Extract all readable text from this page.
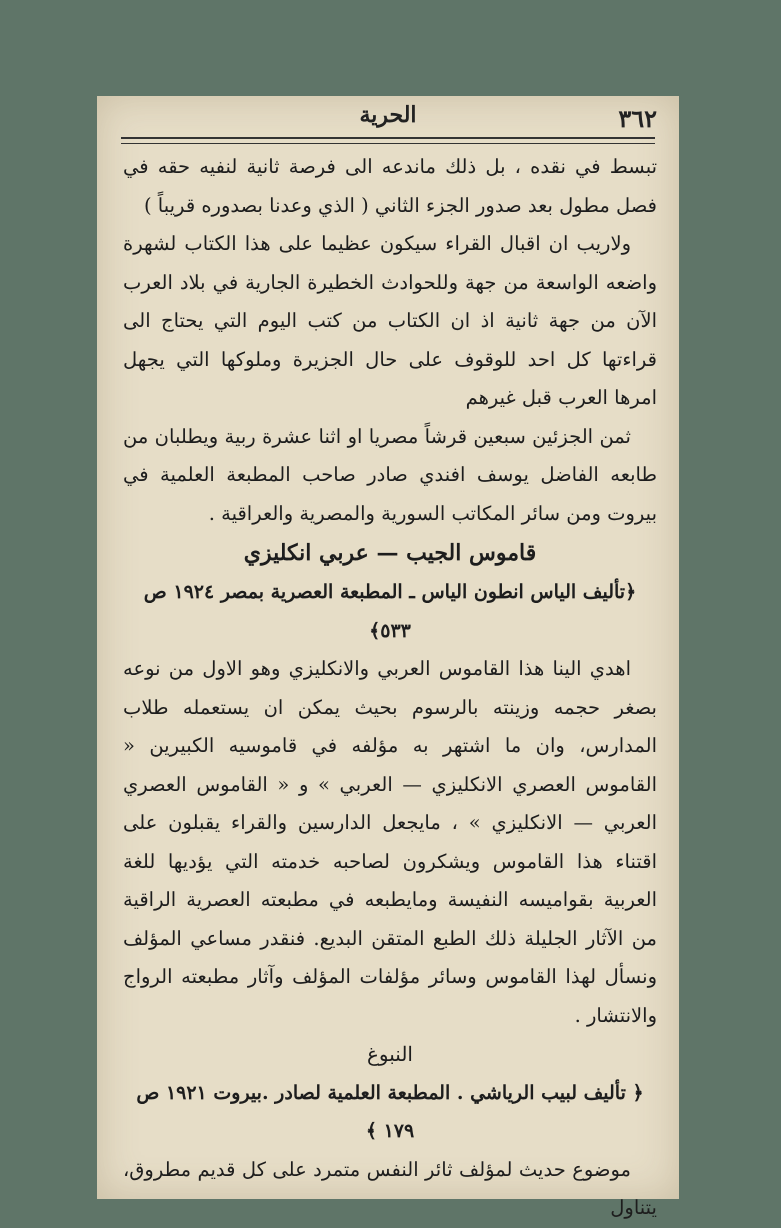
٣٦٢
الحرية

تبسط في نقده ، بل ذلك ماندعه الى فرصة ثانية لنفيه حقه في فصل مطول بعد صدور الجزء الثاني ( الذي وعدنا بصدوره قريباً )

ولاريب ان اقبال القراء سيكون عظيما على هذا الكتاب لشهرة واضعه الواسعة من جهة وللحوادث الخطيرة الجارية في بلاد العرب الآن من جهة ثانية اذ ان الكتاب من كتب اليوم التي يحتاج الى قراءتها كل احد للوقوف على حال الجزيرة وملوكها التي يجهل امرها العرب قبل غيرهم

ثمن الجزئين سبعين قرشاً مصريا او اثنا عشرة ربية ويطلبان من طابعه الفاضل يوسف افندي صادر صاحب المطبعة العلمية في بيروت ومن سائر المكاتب السورية والمصرية والعراقية .

قاموس الجيب — عربي انكليزي

﴿تأليف الياس انطون الياس ـ المطبعة العصرية بمصر ١٩٢٤ ص ٥٣٣﴾

اهدي الينا هذا القاموس العربي والانكليزي وهو الاول من نوعه بصغر حجمه وزينته بالرسوم بحيث يمكن ان يستعمله طلاب المدارس، وان ما اشتهر به مؤلفه في قاموسيه الكبيرين « القاموس العصري الانكليزي — العربي » و « القاموس العصري العربي — الانكليزي » ، مايجعل الدارسين والقراء يقبلون على اقتناء هذا القاموس ويشكرون لصاحبه خدمته التي يؤديها للغة العربية بقواميسه النفيسة ومايطبعه في مطبعته العصرية الراقية من الآثار الجليلة ذلك الطبع المتقن البديع. فنقدر مساعي المؤلف ونسأل لهذا القاموس وسائر مؤلفات المؤلف وآثار مطبعته الرواج والانتشار .

النبوغ

﴿ تأليف لبيب الرياشي . المطبعة العلمية لصادر .بيروت ١٩٢١ ص ١٧٩ ﴾

موضوع حديث لمؤلف ثائر النفس متمرد على كل قديم مطروق، يتناول
